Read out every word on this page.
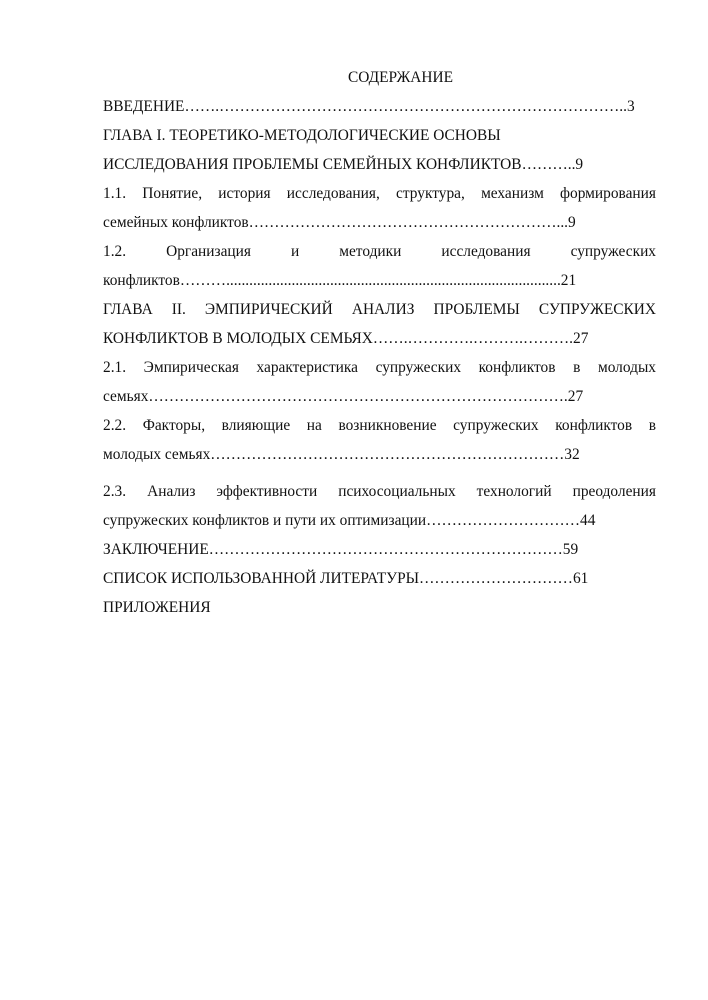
СОДЕРЖАНИЕ
ВВЕДЕНИЕ…….……………………………………………………………………..3
ГЛАВА I. ТЕОРЕТИКО-МЕТОДОЛОГИЧЕСКИЕ ОСНОВЫ
ИССЛЕДОВАНИЯ ПРОБЛЕМЫ СЕМЕЙНЫХ КОНФЛИКТОВ………..9
1.1. Понятие, история исследования, структура, механизм формирования
семейных конфликтов……………………………………………………...9
1.2. Организация и методики исследования супружеских
конфликтов……….......................................................................................21
ГЛАВА II. ЭМПИРИЧЕСКИЙ АНАЛИЗ ПРОБЛЕМЫ СУПРУЖЕСКИХ
КОНФЛИКТОВ В МОЛОДЫХ СЕМЬЯХ…….………….……….……….27
2.1. Эмпирическая характеристика супружеских конфликтов в молодых
семьях……………………………………………………………………….27
2.2. Факторы, влияющие на возникновение супружеских конфликтов в
молодых семьях……………………………………………………………32
2.3. Анализ эффективности психосоциальных технологий преодоления
супружеских конфликтов и пути их оптимизации…………………………44
ЗАКЛЮЧЕНИЕ……………………………………………………………59
СПИСОК ИСПОЛЬЗОВАННОЙ ЛИТЕРАТУРЫ…………………………61
ПРИЛОЖЕНИЯ
